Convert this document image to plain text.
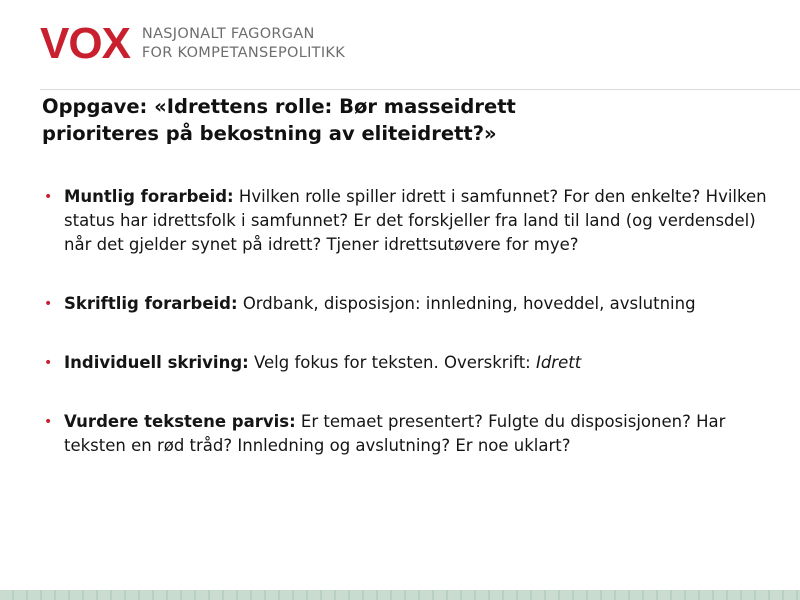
VOX NASJONALT FAGORGAN
FOR KOMPETANSEPOLITIKK
Oppgave: «Idrettens rolle: Bør masseidrett
prioriteres på bekostning av eliteidrett?»
• Muntlig forarbeid: Hvilken rolle spiller idrett i samfunnet? For den enkelte? Hvilken status har idrettsfolk i samfunnet? Er det forskjeller fra land til land (og verdensdel) når det gjelder synet på idrett? Tjener idrettsutøvere for mye?
• Skriftlig forarbeid: Ordbank, disposisjon: innledning, hoveddel, avslutning
• Individuell skriving: Velg fokus for teksten. Overskrift: Idrett
• Vurdere tekstene parvis: Er temaet presentert? Fulgte du disposisjonen? Har teksten en rød tråd? Innledning og avslutning? Er noe uklart?
